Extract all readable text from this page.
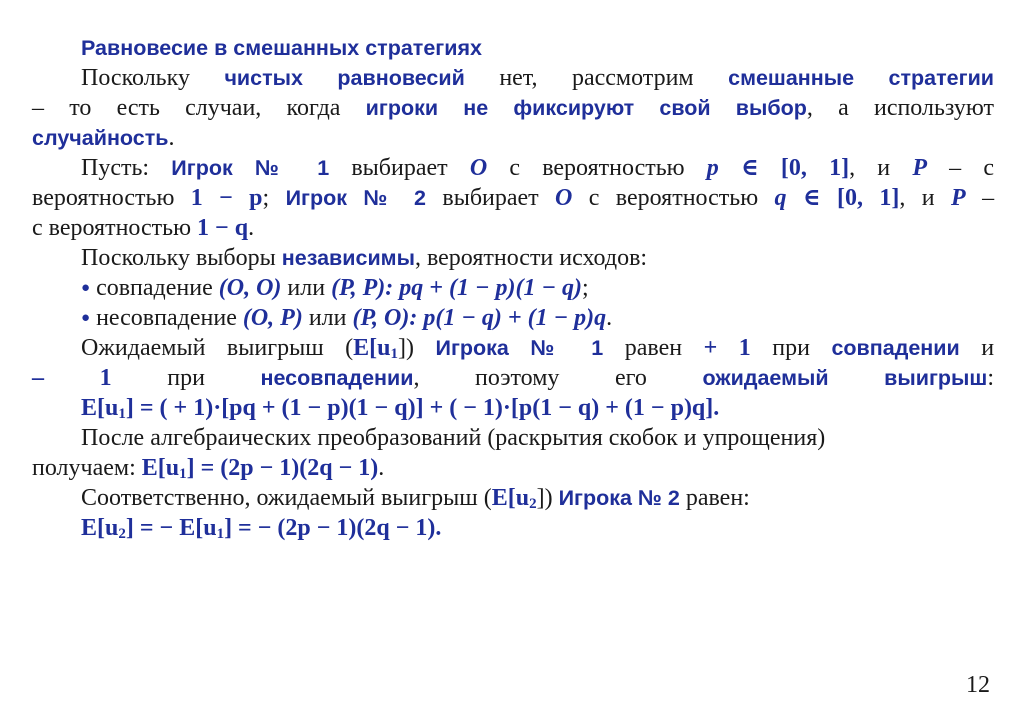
Равновесие в смешанных стратегиях
Поскольку чистых равновесий нет, рассмотрим смешанные стратегии
– то есть случаи, когда игроки не фиксируют свой выбор, а используют
случайность.
Пусть: Игрок № 1 выбирает O с вероятностью p ∈ [0, 1], и P – с
вероятностью 1 − p; Игрок № 2 выбирает O с вероятностью q ∈ [0, 1], и P –
с вероятностью 1 − q.
Поскольку выборы независимы, вероятности исходов:
● совпадение (O, O) или (P, P): pq + (1 − p)(1 − q);
● несовпадение (O, P) или (P, O): p(1 − q) + (1 − p)q.
Ожидаемый выигрыш $(E[u_1])$ Игрока № 1 равен + 1 при совпадении и
– 1 при	несовпадении, поэтому его	ожидаемый выигрыш:
$E[u_1]$ = ( + 1)·[pq + (1 − p)(1 − q)] + ( − 1)·[p(1 − q) + (1 − p)q].
После алгебраических преобразований (раскрытия скобок и упрощения)
получаем: $E[u_1] = (2p - 1)(2q - 1)$.
Соответственно, ожидаемый выигрыш $(E[u_2])$ Игрока № 2 равен:
$E[u_2]$ = − $E[u_1]$ = − (2p − 1)(2q − 1).
12
